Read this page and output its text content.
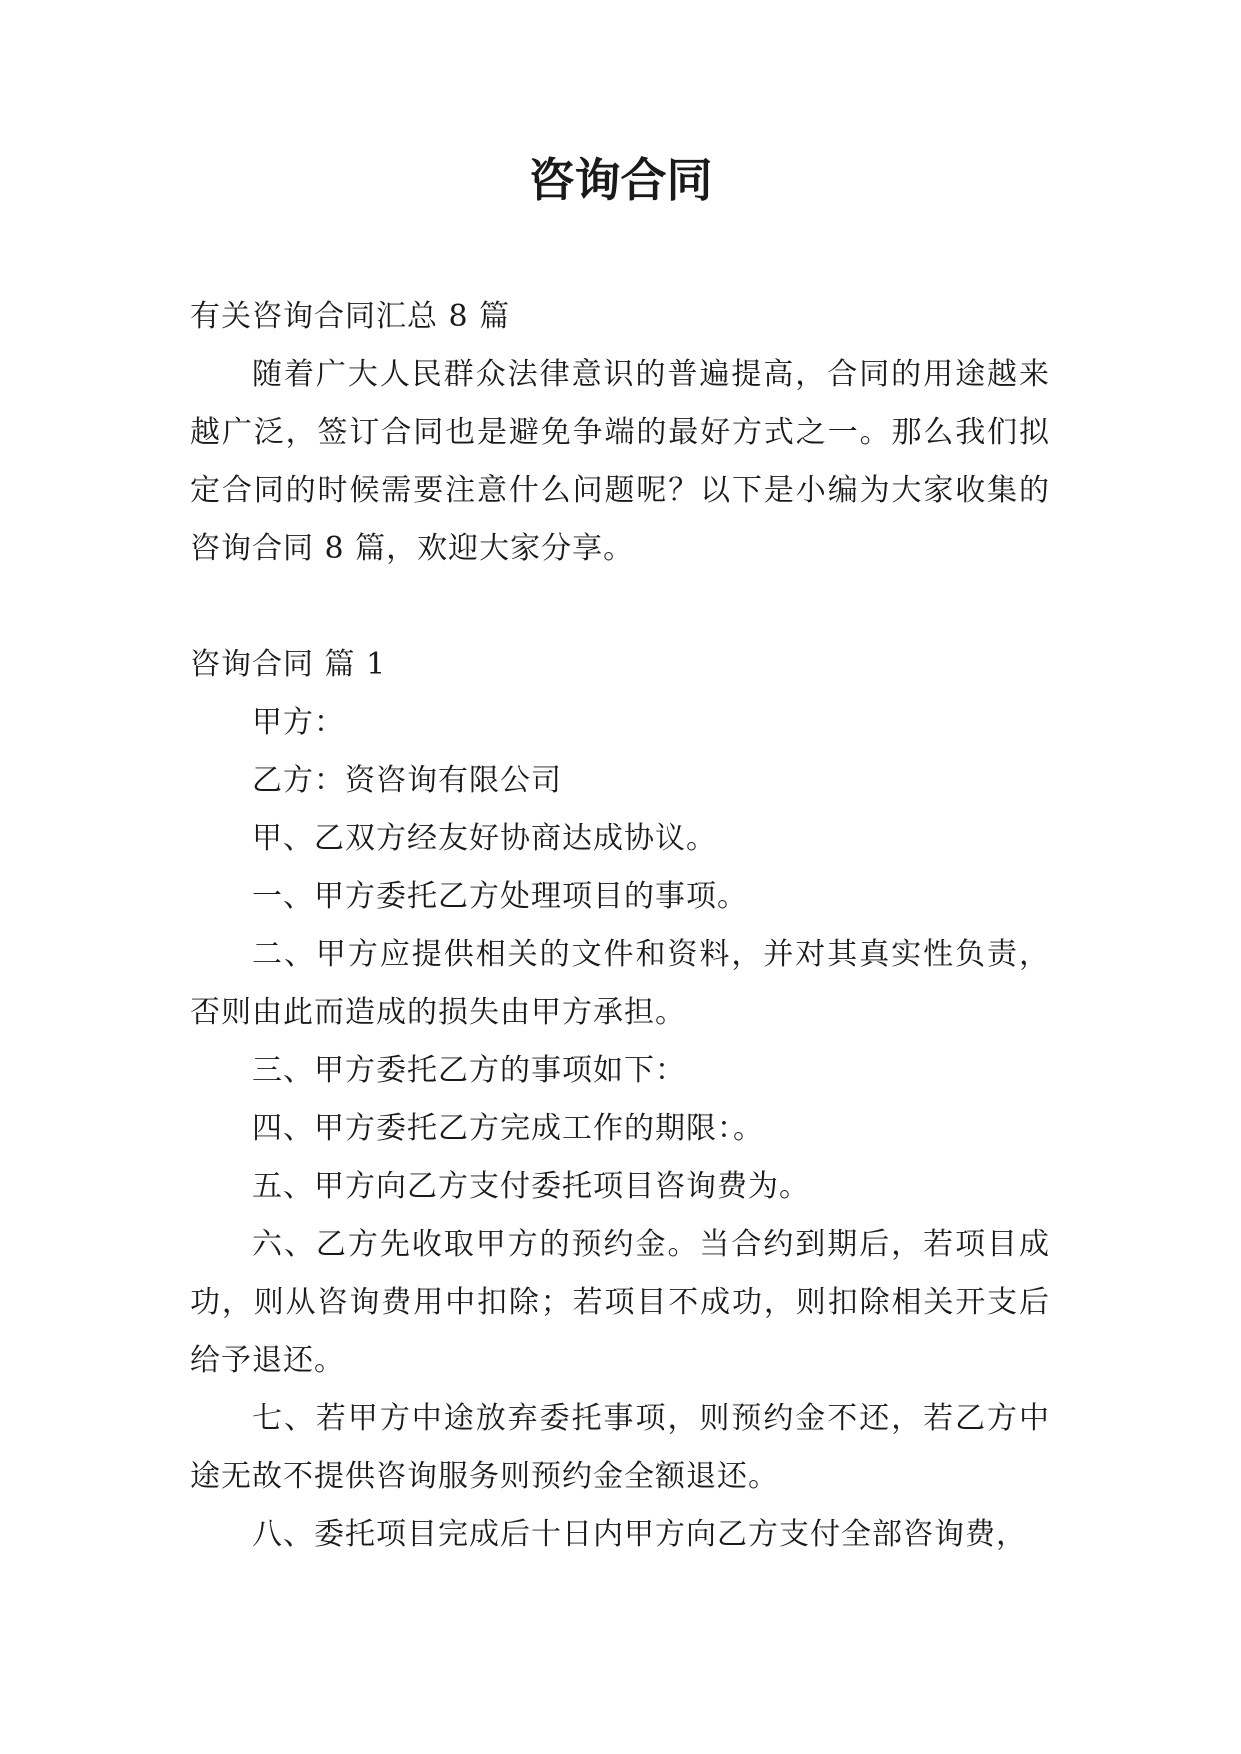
咨询合同

有关咨询合同汇总 8 篇

随着广大人民群众法律意识的普遍提高，合同的用途越来越广泛，签订合同也是避免争端的最好方式之一。那么我们拟定合同的时候需要注意什么问题呢？以下是小编为大家收集的咨询合同 8 篇，欢迎大家分享。

咨询合同 篇 1

甲方：

乙方：资咨询有限公司

甲、乙双方经友好协商达成协议。

一、甲方委托乙方处理项目的事项。

二、甲方应提供相关的文件和资料，并对其真实性负责，否则由此而造成的损失由甲方承担。

三、甲方委托乙方的事项如下：

四、甲方委托乙方完成工作的期限：。

五、甲方向乙方支付委托项目咨询费为。

六、乙方先收取甲方的预约金。当合约到期后，若项目成功，则从咨询费用中扣除；若项目不成功，则扣除相关开支后给予退还。

七、若甲方中途放弃委托事项，则预约金不还，若乙方中途无故不提供咨询服务则预约金全额退还。

八、委托项目完成后十日内甲方向乙方支付全部咨询费，
